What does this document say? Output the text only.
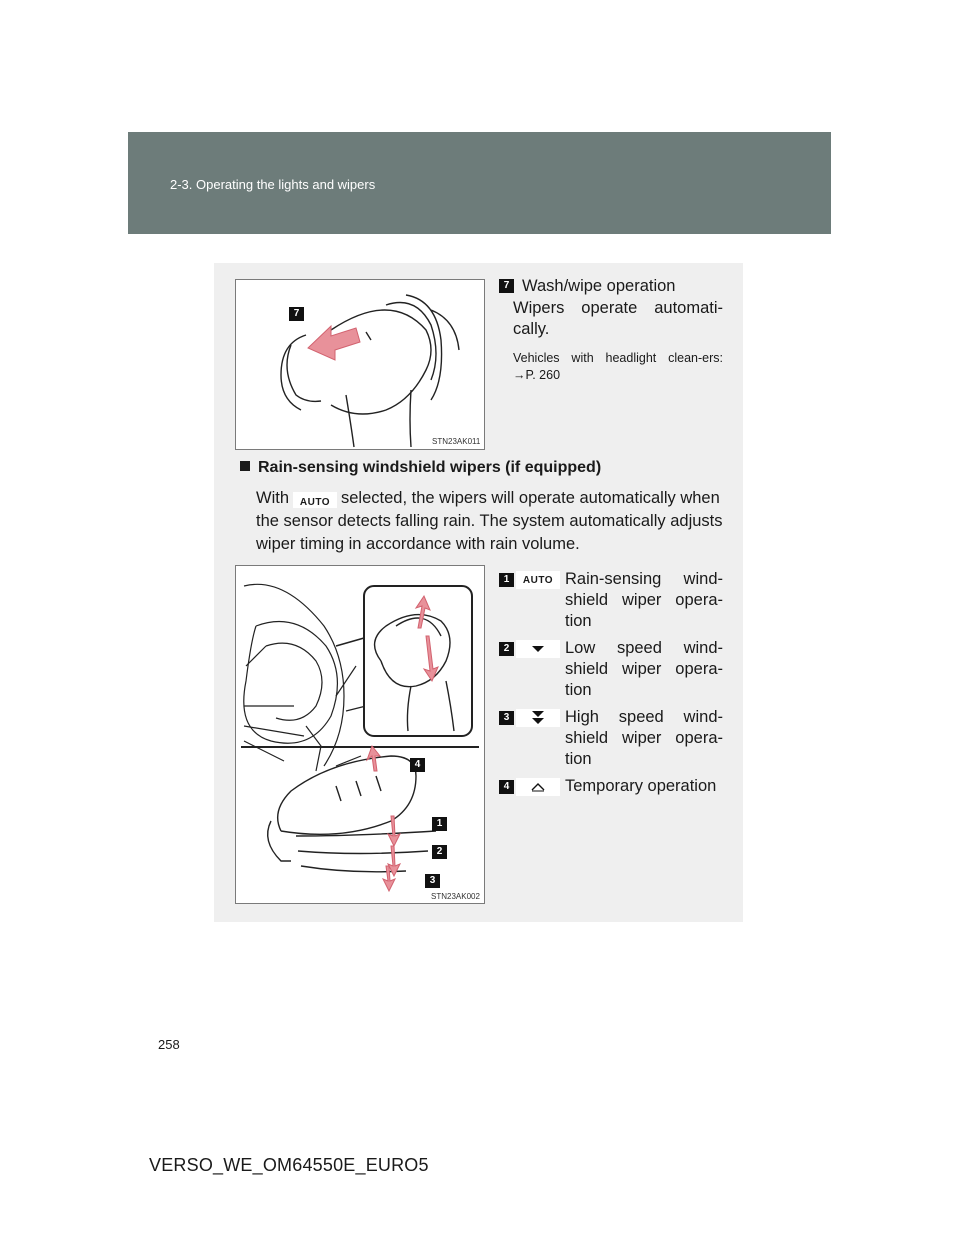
2-3. Operating the lights and wipers
7
STN23AK011
7 Wash/wipe operation
Wipers operate automati-cally.
Vehicles with headlight clean-ers: →P. 260
Rain-sensing windshield wipers (if equipped)
With AUTO selected, the wipers will operate automatically when the sensor detects falling rain. The system automatically adjusts wiper timing in accordance with rain volume.
4
1
2
3
STN23AK002
1	AUTO Rain-sensing wind-shield wiper opera-tion
2	Low speed wind-shield wiper opera-tion
3	High speed wind-shield wiper opera-tion
4	Temporary operation
258
VERSO_WE_OM64550E_EURO5
